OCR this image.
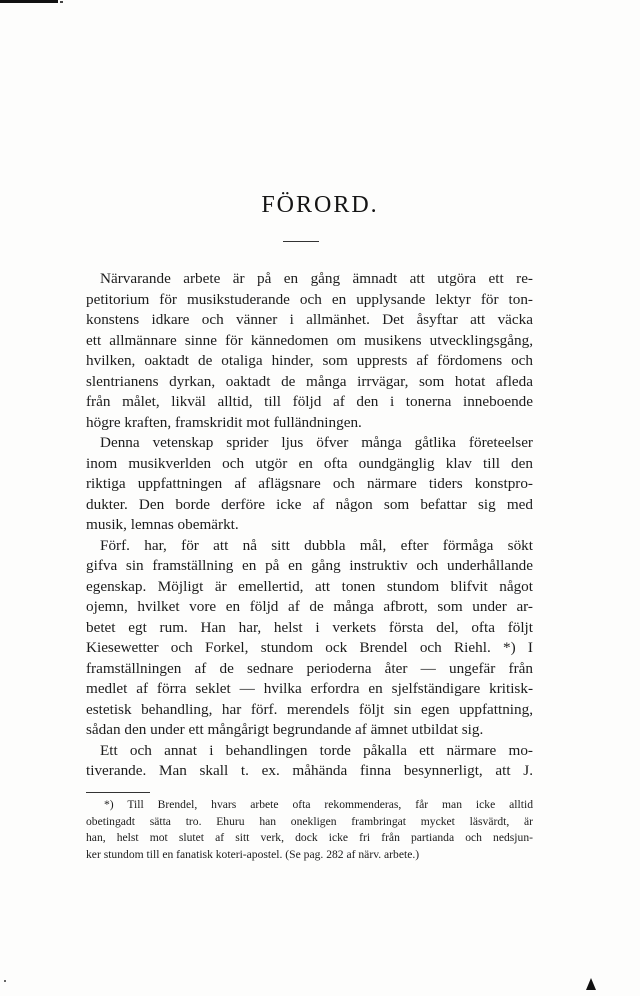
FÖRORD.
Närvarande arbete är på en gång ämnadt att utgöra ett re-
petitorium för musikstuderande och en upplysande lektyr för ton-
konstens idkare och vänner i allmänhet. Det åsyftar att väcka
ett allmännare sinne för kännedomen om musikens utvecklingsgång,
hvilken, oaktadt de otaliga hinder, som upprests af fördomens och
slentrianens dyrkan, oaktadt de många irrvägar, som hotat afleda
från målet, likväl alltid, till följd af den i tonerna inneboende
högre kraften, framskridit mot fulländningen.
Denna vetenskap sprider ljus öfver många gåtlika företeelser
inom musikverlden och utgör en ofta oundgänglig klav till den
riktiga uppfattningen af aflägsnare och närmare tiders konstpro-
dukter. Den borde derföre icke af någon som befattar sig med
musik, lemnas obemärkt.
Förf. har, för att nå sitt dubbla mål, efter förmåga sökt
gifva sin framställning en på en gång instruktiv och underhållande
egenskap. Möjligt är emellertid, att tonen stundom blifvit något
ojemn, hvilket vore en följd af de många afbrott, som under ar-
betet egt rum. Han har, helst i verkets första del, ofta följt
Kiesewetter och Forkel, stundom ock Brendel och Riehl. *) I
framställningen af de sednare perioderna åter — ungefär från
medlet af förra seklet — hvilka erfordra en sjelfständigare kritisk-
estetisk behandling, har förf. merendels följt sin egen uppfattning,
sådan den under ett mångårigt begrundande af ämnet utbildat sig.
Ett och annat i behandlingen torde påkalla ett närmare mo-
tiverande. Man skall t. ex. måhända finna besynnerligt, att J.
*) Till Brendel, hvars arbete ofta rekommenderas, får man icke alltid
obetingadt sätta tro. Ehuru han onekligen frambringat mycket läsvärdt, är
han, helst mot slutet af sitt verk, dock icke fri från partianda och nedsjun-
ker stundom till en fanatisk koteri-apostel. (Se pag. 282 af närv. arbete.)
